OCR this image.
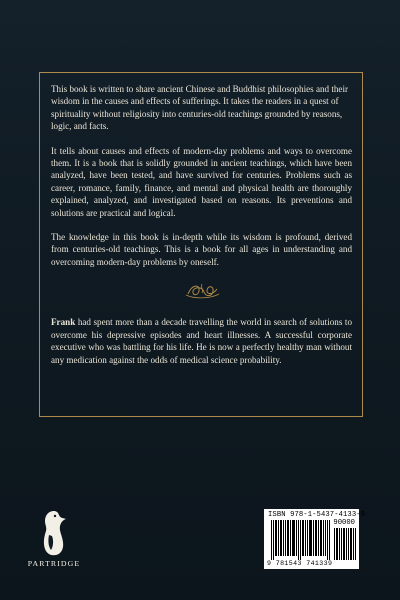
This book is written to share ancient Chinese and Buddhist philosophies and their wisdom in the causes and effects of sufferings. It takes the readers in a quest of spirituality without religiosity into centuries-old teachings grounded by reasons, logic, and facts.

It tells about causes and effects of modern-day problems and ways to overcome them. It is a book that is solidly grounded in ancient teachings, which have been analyzed, have been tested, and have survived for centuries. Problems such as career, romance, family, finance, and mental and physical health are thoroughly explained, analyzed, and investigated based on reasons. Its preventions and solutions are practical and logical.

The knowledge in this book is in-depth while its wisdom is profound, derived from centuries-old teachings. This is a book for all ages in understanding and overcoming modern-day problems by oneself.

Frank had spent more than a decade travelling the world in search of solutions to overcome his depressive episodes and heart illnesses. A successful corporate executive who was battling for his life. He is now a perfectly healthy man without any medication against the odds of medical science probability.

PARTRIDGE
ISBN 978-1-5437-4133-9
90000
9 781543 741339
